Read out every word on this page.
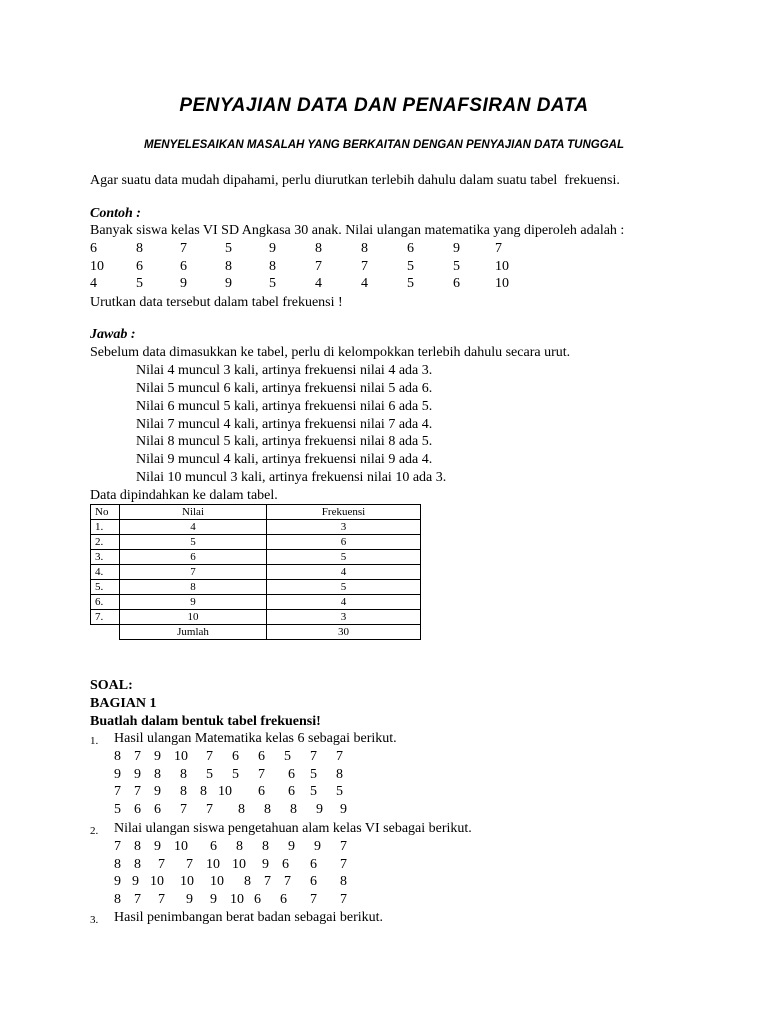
PENYAJIAN DATA DAN PENAFSIRAN DATA
MENYELESAIKAN MASALAH YANG BERKAITAN DENGAN PENYAJIAN DATA TUNGGAL
Agar suatu data mudah dipahami, perlu diurutkan terlebih dahulu dalam suatu tabel  frekuensi.
Contoh :
Banyak siswa kelas VI SD Angkasa 30 anak. Nilai ulangan matematika yang diperoleh adalah :
6	8	7	5	9	8	8	6	9	7
10 6	6	8	8	7	7	5	5	10
4	5	9	9	5	4	4	5	6	10
Urutkan data tersebut dalam tabel frekuensi !
Jawab :
Sebelum data dimasukkan ke tabel, perlu di kelompokkan terlebih dahulu secara urut.
Nilai 4 muncul 3 kali, artinya frekuensi nilai 4 ada 3.
Nilai 5 muncul 6 kali, artinya frekuensi nilai 5 ada 6.
Nilai 6 muncul 5 kali, artinya frekuensi nilai 6 ada 5.
Nilai 7 muncul 4 kali, artinya frekuensi nilai 7 ada 4.
Nilai 8 muncul 5 kali, artinya frekuensi nilai 8 ada 5.
Nilai 9 muncul 4 kali, artinya frekuensi nilai 9 ada 4.
Nilai 10 muncul 3 kali, artinya frekuensi nilai 10 ada 3.
Data dipindahkan ke dalam tabel.
No	Nilai	Frekuensi
1.	4	3
2.	5	6
3.	6	5
4.	7	4
5.	8	5
6.	9	4
7.	10	3
	Jumlah	30
SOAL:
BAGIAN 1
Buatlah dalam bentuk tabel frekuensi!
1. Hasil ulangan Matematika kelas 6 sebagai berikut.
8 7 9 10 7 6 6 5 7 7
9 9 8 8 5 5 7 6 5 8
7 7 9 8 8 10 6 6 5 5
5 6 6 7 7 8 8 8 9 9
2. Nilai ulangan siswa pengetahuan alam kelas VI sebagai berikut.
7 8 9 10 6 8 8 9 9 7
8 8 7 7 10 10 9 6 6 7
9 9 10 10 10 8 7 7 6 8
8 7 7 9 9 10 6 6 7 7
3. Hasil penimbangan berat badan sebagai berikut.
